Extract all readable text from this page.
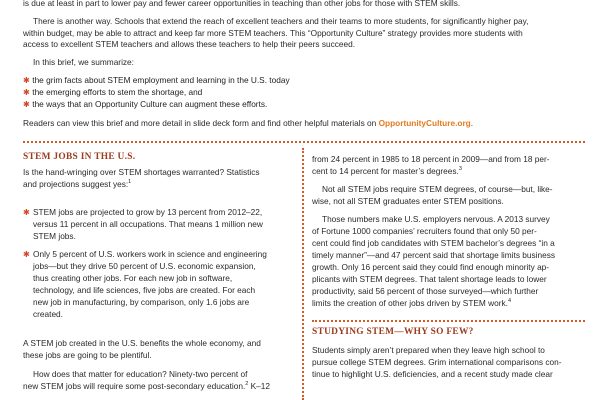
is due at least in part to lower pay and fewer career opportunities in teaching than other jobs for those with STEM skills.
There is another way. Schools that extend the reach of excellent teachers and their teams to more students, for significantly higher pay,
within budget, may be able to attract and keep far more STEM teachers. This “Opportunity Culture” strategy provides more students with
access to excellent STEM teachers and allows these teachers to help their peers succeed.
In this brief, we summarize:
✱ the grim facts about STEM employment and learning in the U.S. today
✱ the emerging efforts to stem the shortage, and
✱ the ways that an Opportunity Culture can augment these efforts.
Readers can view this brief and more detail in slide deck form and find other helpful materials on OpportunityCulture.org.
STEM JOBS IN THE U.S.
Is the hand-wringing over STEM shortages warranted? Statistics
and projections suggest yes:$^1$
✱ STEM jobs are projected to grow by 13 percent from 2012–22,
versus 11 percent in all occupations. That means 1 million new
STEM jobs.
✱ Only 5 percent of U.S. workers work in science and engineering
jobs—but they drive 50 percent of U.S. economic expansion,
thus creating other jobs. For each new job in software,
technology, and life sciences, five jobs are created. For each
new job in manufacturing, by comparison, only 1.6 jobs are
created.
A STEM job created in the U.S. benefits the whole economy, and
these jobs are going to be plentiful.
How does that matter for education? Ninety-two percent of
new STEM jobs will require some post-secondary education.$^2$ K–12
from 24 percent in 1985 to 18 percent in 2009—and from 18 per-
cent to 14 percent for master’s degrees.$^3$
Not all STEM jobs require STEM degrees, of course—but, like-
wise, not all STEM graduates enter STEM positions.
Those numbers make U.S. employers nervous. A 2013 survey
of Fortune 1000 companies’ recruiters found that only 50 per-
cent could find job candidates with STEM bachelor’s degrees “in a
timely manner”—and 47 percent said that shortage limits business
growth. Only 16 percent said they could find enough minority ap-
plicants with STEM degrees. That talent shortage leads to lower
productivity, said 56 percent of those surveyed—which further
limits the creation of other jobs driven by STEM work.$^4$
STUDYING STEM—WHY SO FEW?
Students simply aren’t prepared when they leave high school to
pursue college STEM degrees. Grim international comparisons con-
tinue to highlight U.S. deficiencies, and a recent study made clear
